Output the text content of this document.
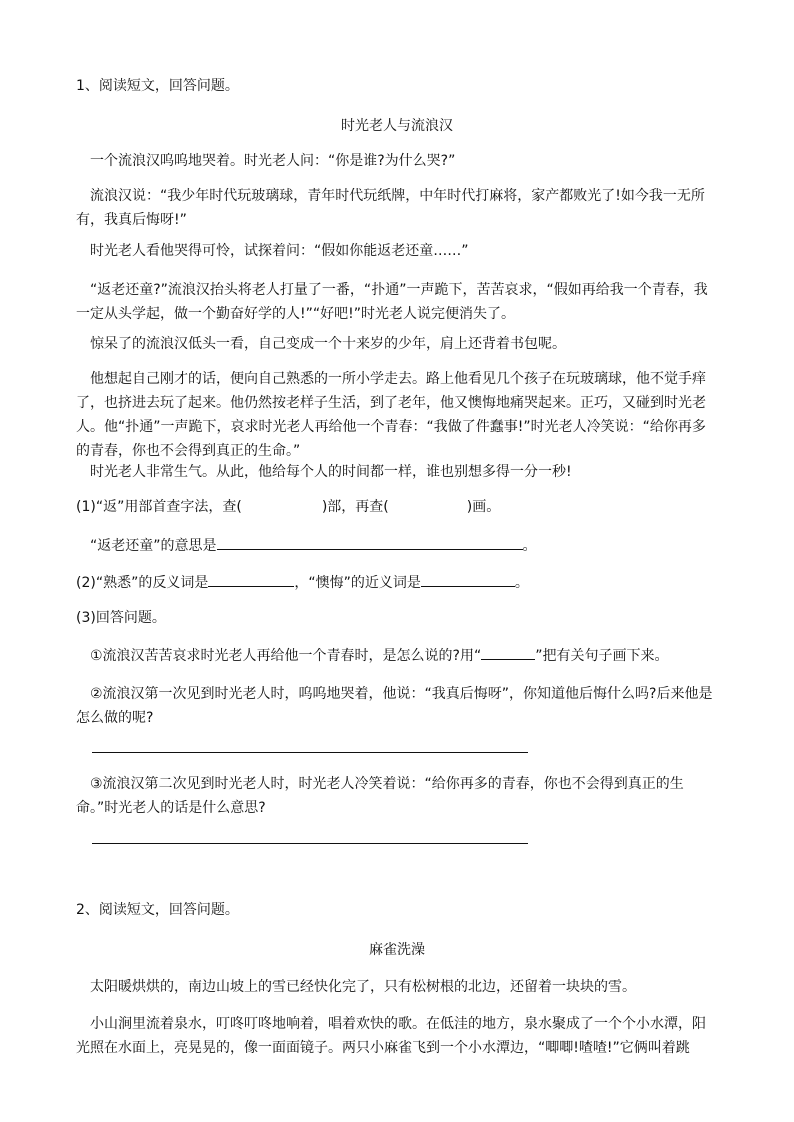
1、阅读短文，回答问题。

时光老人与流浪汉

一个流浪汉呜呜地哭着。时光老人问：“你是谁?为什么哭?”

流浪汉说：“我少年时代玩玻璃球，青年时代玩纸牌，中年时代打麻将，家产都败光了!如今我一无所有，我真后悔呀!”

时光老人看他哭得可怜，试探着问：“假如你能返老还童……”

“返老还童?”流浪汉抬头将老人打量了一番，“扑通”一声跪下，苦苦哀求，“假如再给我一个青春，我一定从头学起，做一个勤奋好学的人!”“好吧!”时光老人说完便消失了。

惊呆了的流浪汉低头一看，自己变成一个十来岁的少年，肩上还背着书包呢。

他想起自己刚才的话，便向自己熟悉的一所小学走去。路上他看见几个孩子在玩玻璃球，他不觉手痒了，也挤进去玩了起来。他仍然按老样子生活，到了老年，他又懊悔地痛哭起来。正巧，又碰到时光老人。他“扑通”一声跪下，哀求时光老人再给他一个青春：“我做了件蠢事!”时光老人冷笑说：“给你再多的青春，你也不会得到真正的生命。”

时光老人非常生气。从此，他给每个人的时间都一样，谁也别想多得一分一秒!

(1)“返”用部首查字法，查(	)部，再查(	)画。

“返老还童”的意思是	。

(2)“熟悉”的反义词是	，“懊悔”的近义词是	。

(3)回答问题。

①流浪汉苦苦哀求时光老人再给他一个青春时，是怎么说的?用“	”把有关句子画下来。

②流浪汉第一次见到时光老人时，呜呜地哭着，他说：“我真后悔呀”，你知道他后悔什么吗?后来他是怎么做的呢?

③流浪汉第二次见到时光老人时，时光老人冷笑着说：“给你再多的青春，你也不会得到真正的生命。”时光老人的话是什么意思?

2、阅读短文，回答问题。

麻雀洗澡

太阳暖烘烘的，南边山坡上的雪已经快化完了，只有松树根的北边，还留着一块块的雪。

小山涧里流着泉水，叮咚叮咚地响着，唱着欢快的歌。在低洼的地方，泉水聚成了一个个小水潭，阳光照在水面上，亮晃晃的，像一面面镜子。两只小麻雀飞到一个小水潭边，“唧唧!喳喳!”它俩叫着跳
